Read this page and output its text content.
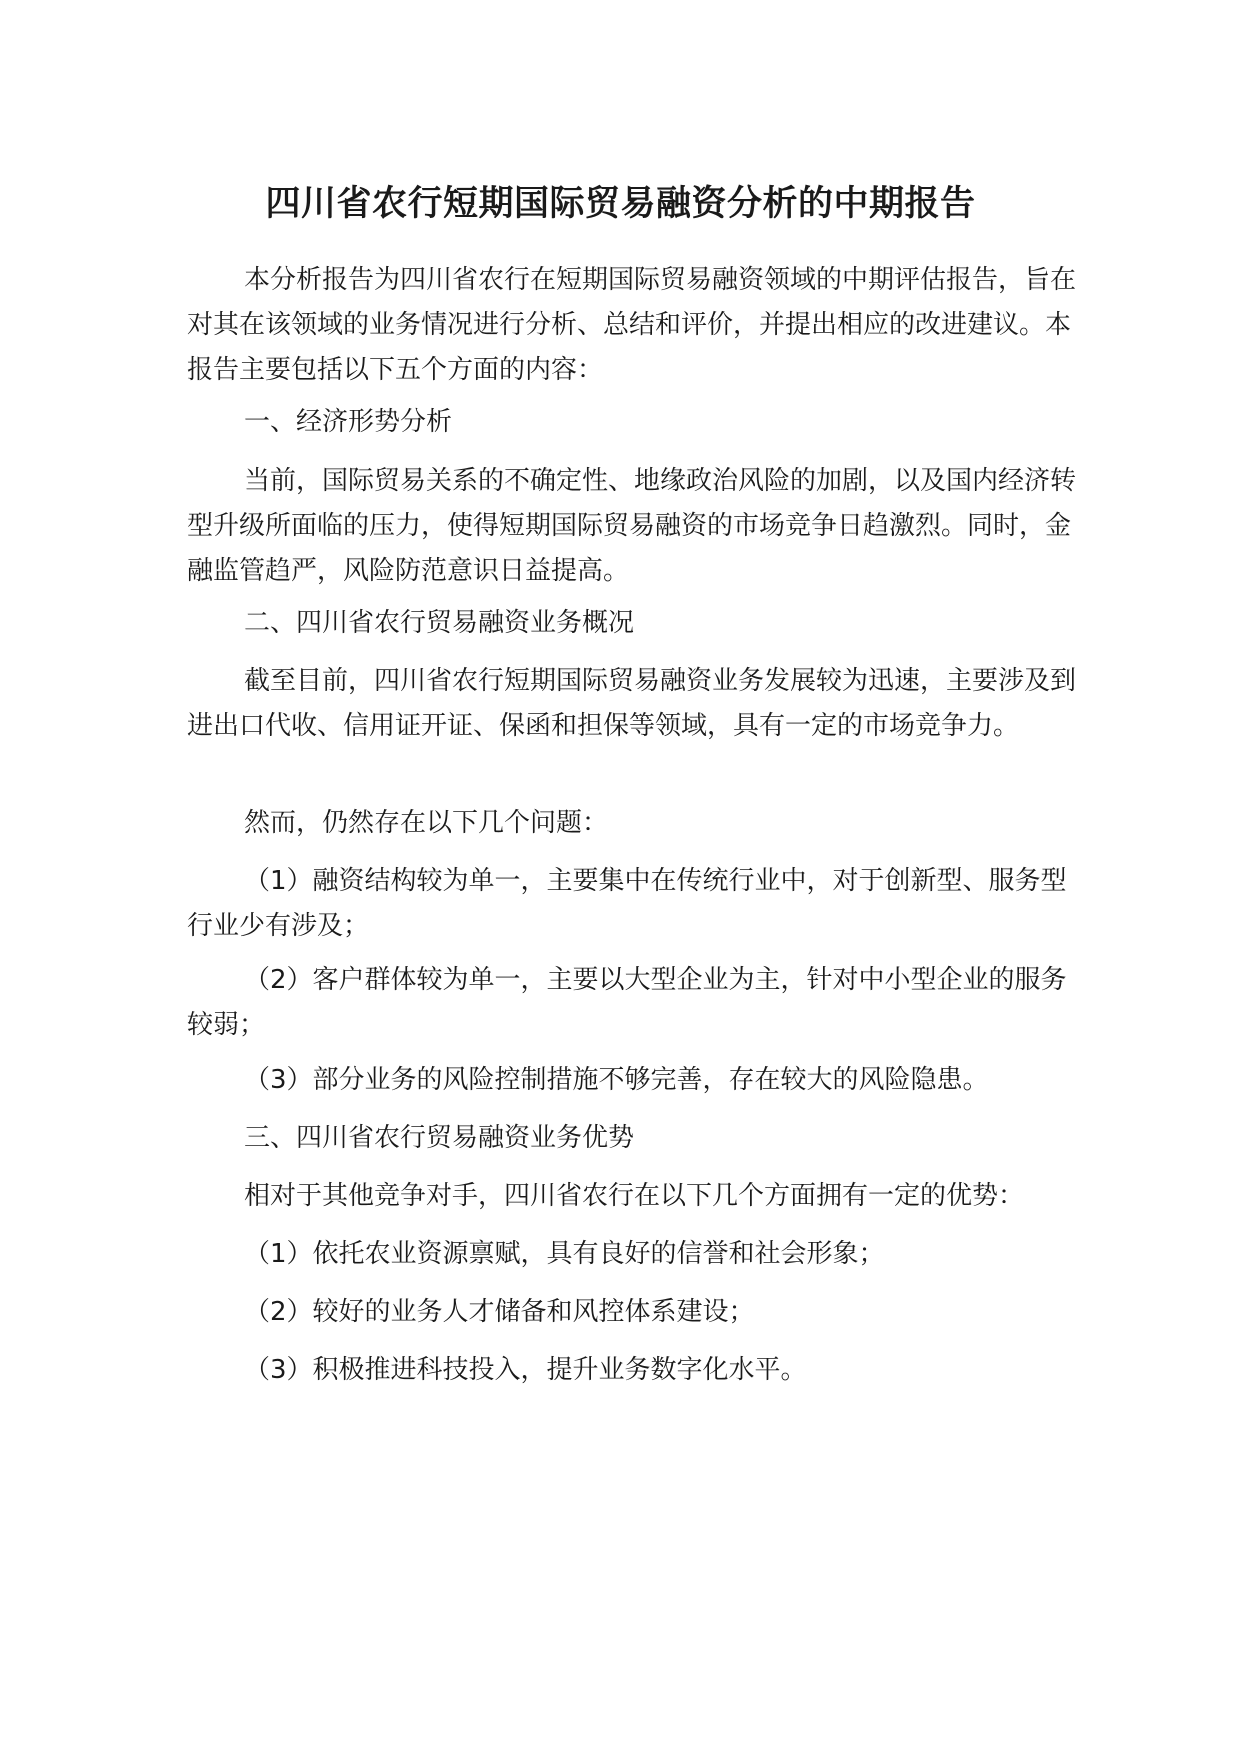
四川省农行短期国际贸易融资分析的中期报告
本分析报告为四川省农行在短期国际贸易融资领域的中期评估报告，旨在对其在该领域的业务情况进行分析、总结和评价，并提出相应的改进建议。本报告主要包括以下五个方面的内容：
一、经济形势分析
当前，国际贸易关系的不确定性、地缘政治风险的加剧，以及国内经济转型升级所面临的压力，使得短期国际贸易融资的市场竞争日趋激烈。同时，金融监管趋严，风险防范意识日益提高。
二、四川省农行贸易融资业务概况
截至目前，四川省农行短期国际贸易融资业务发展较为迅速，主要涉及到进出口代收、信用证开证、保函和担保等领域，具有一定的市场竞争力。
然而，仍然存在以下几个问题：
（1）融资结构较为单一，主要集中在传统行业中，对于创新型、服务型行业少有涉及；
（2）客户群体较为单一，主要以大型企业为主，针对中小型企业的服务较弱；
（3）部分业务的风险控制措施不够完善，存在较大的风险隐患。
三、四川省农行贸易融资业务优势
相对于其他竞争对手，四川省农行在以下几个方面拥有一定的优势：
（1）依托农业资源禀赋，具有良好的信誉和社会形象；
（2）较好的业务人才储备和风控体系建设；
（3）积极推进科技投入，提升业务数字化水平。
